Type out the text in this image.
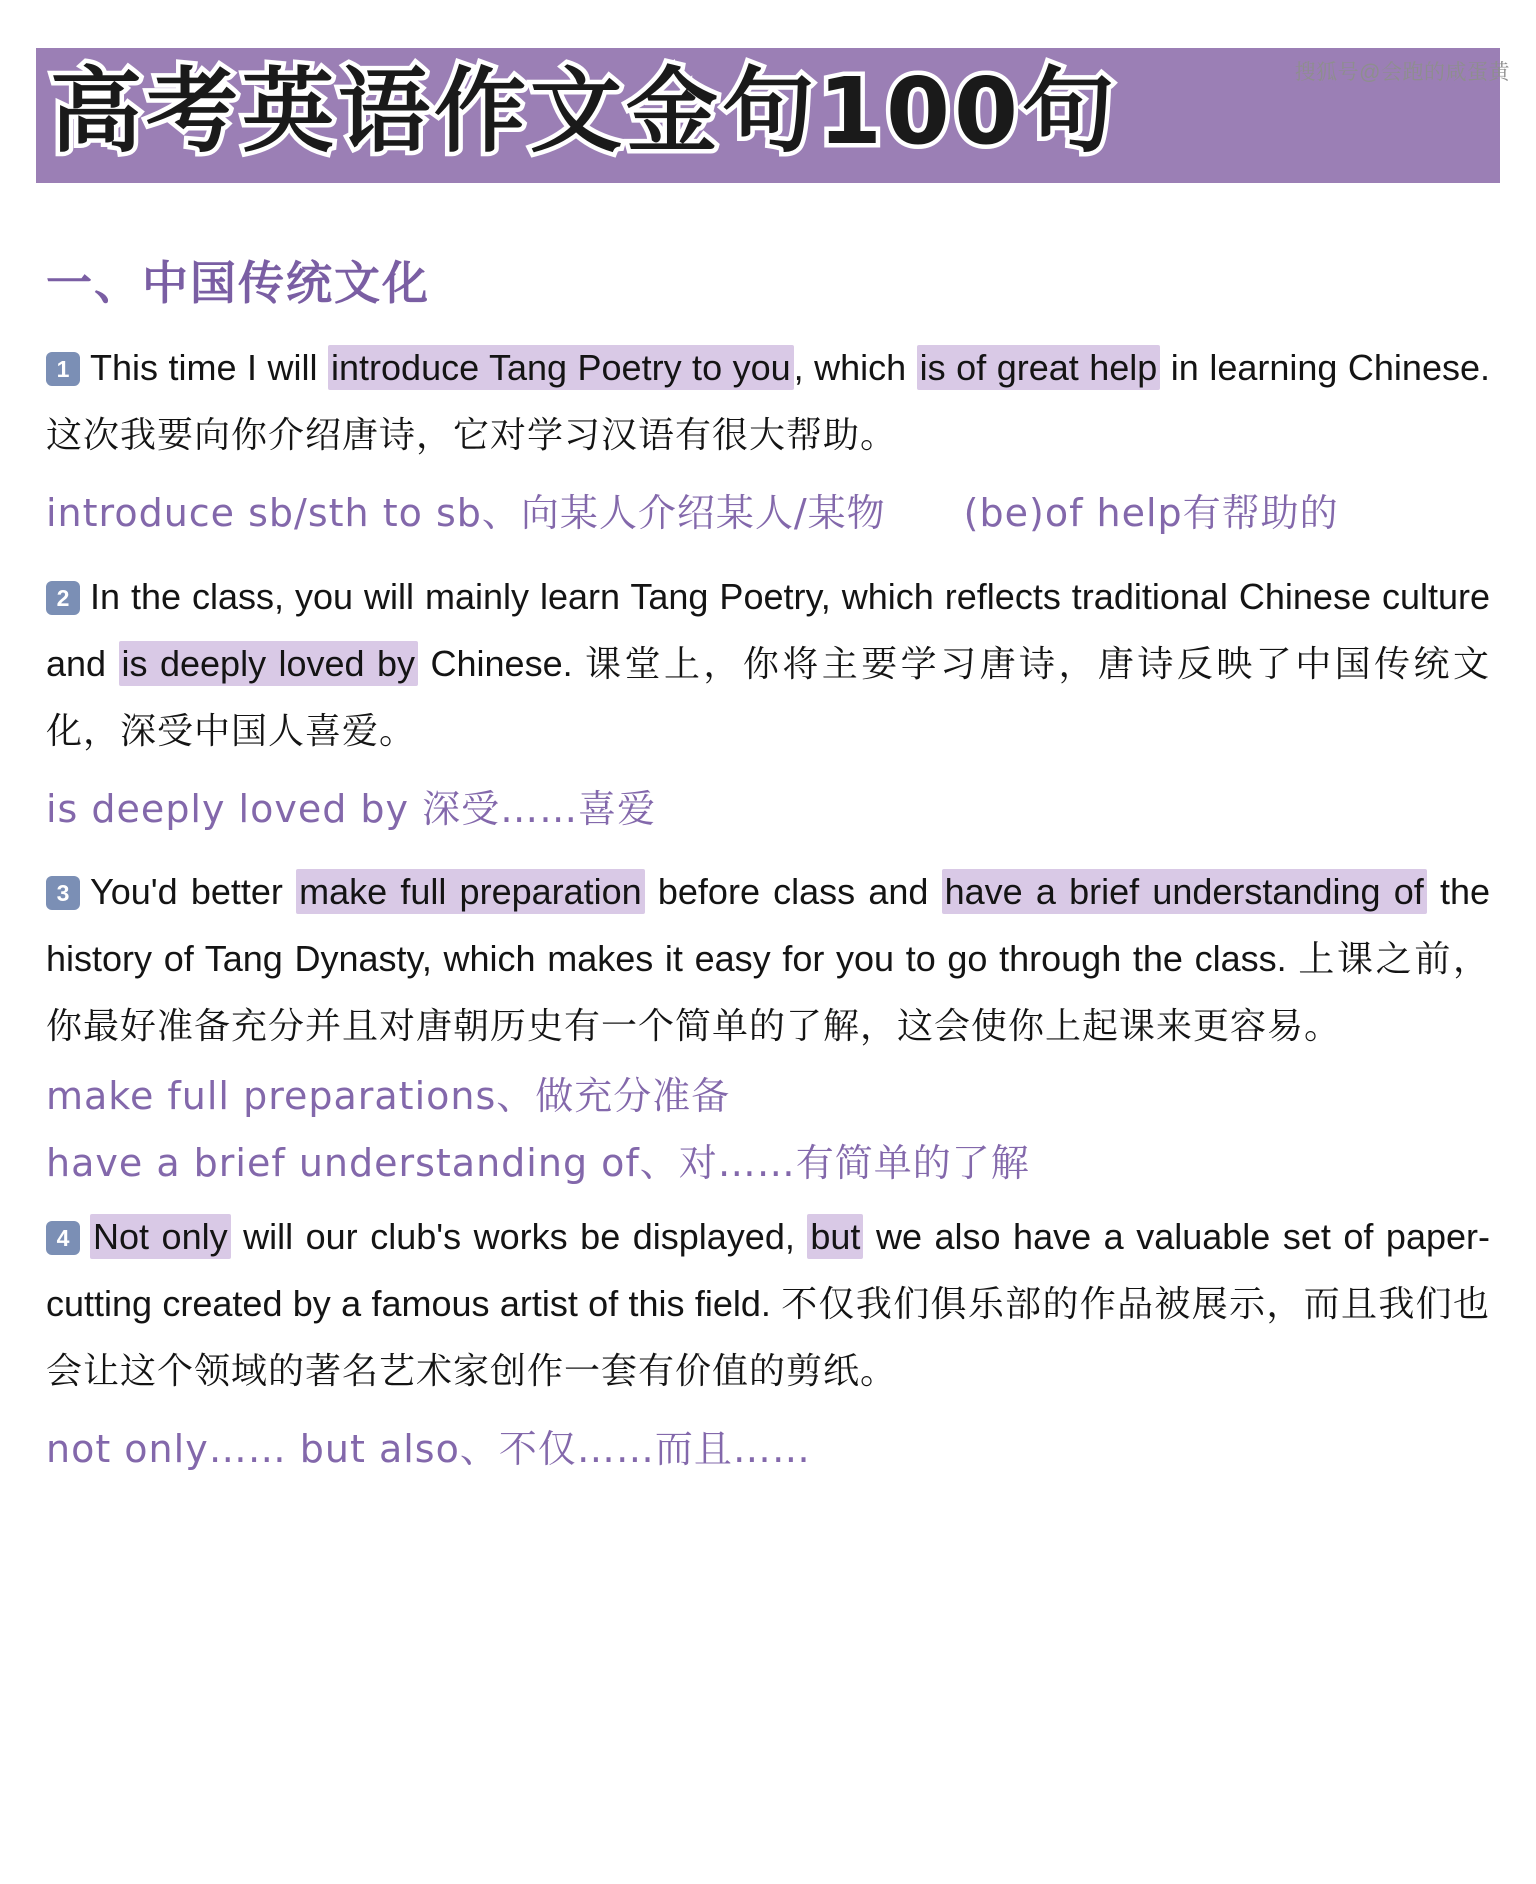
搜狐号@会跑的咸蛋黄
高考英语作文金句100句
一、中国传统文化

1 This time I will introduce Tang Poetry to you, which is of great help in learning Chinese. 这次我要向你介绍唐诗，它对学习汉语有很大帮助。

introduce sb/sth to sb、向某人介绍某人/某物　　(be)of help有帮助的

2 In the class, you will mainly learn Tang Poetry, which reflects traditional Chinese culture and is deeply loved by Chinese. 课堂上，你将主要学习唐诗，唐诗反映了中国传统文化，深受中国人喜爱。

is deeply loved by 深受……喜爱

3 You'd better make full preparation before class and have a brief understanding of the history of Tang Dynasty, which makes it easy for you to go through the class. 上课之前，你最好准备充分并且对唐朝历史有一个简单的了解，这会使你上起课来更容易。

make full preparations、做充分准备

have a brief understanding of、对……有简单的了解

4 Not only will our club's works be displayed, but we also have a valuable set of paper-cutting created by a famous artist of this field. 不仅我们俱乐部的作品被展示，而且我们也会让这个领域的著名艺术家创作一套有价值的剪纸。

not only…… but also、不仅……而且……
